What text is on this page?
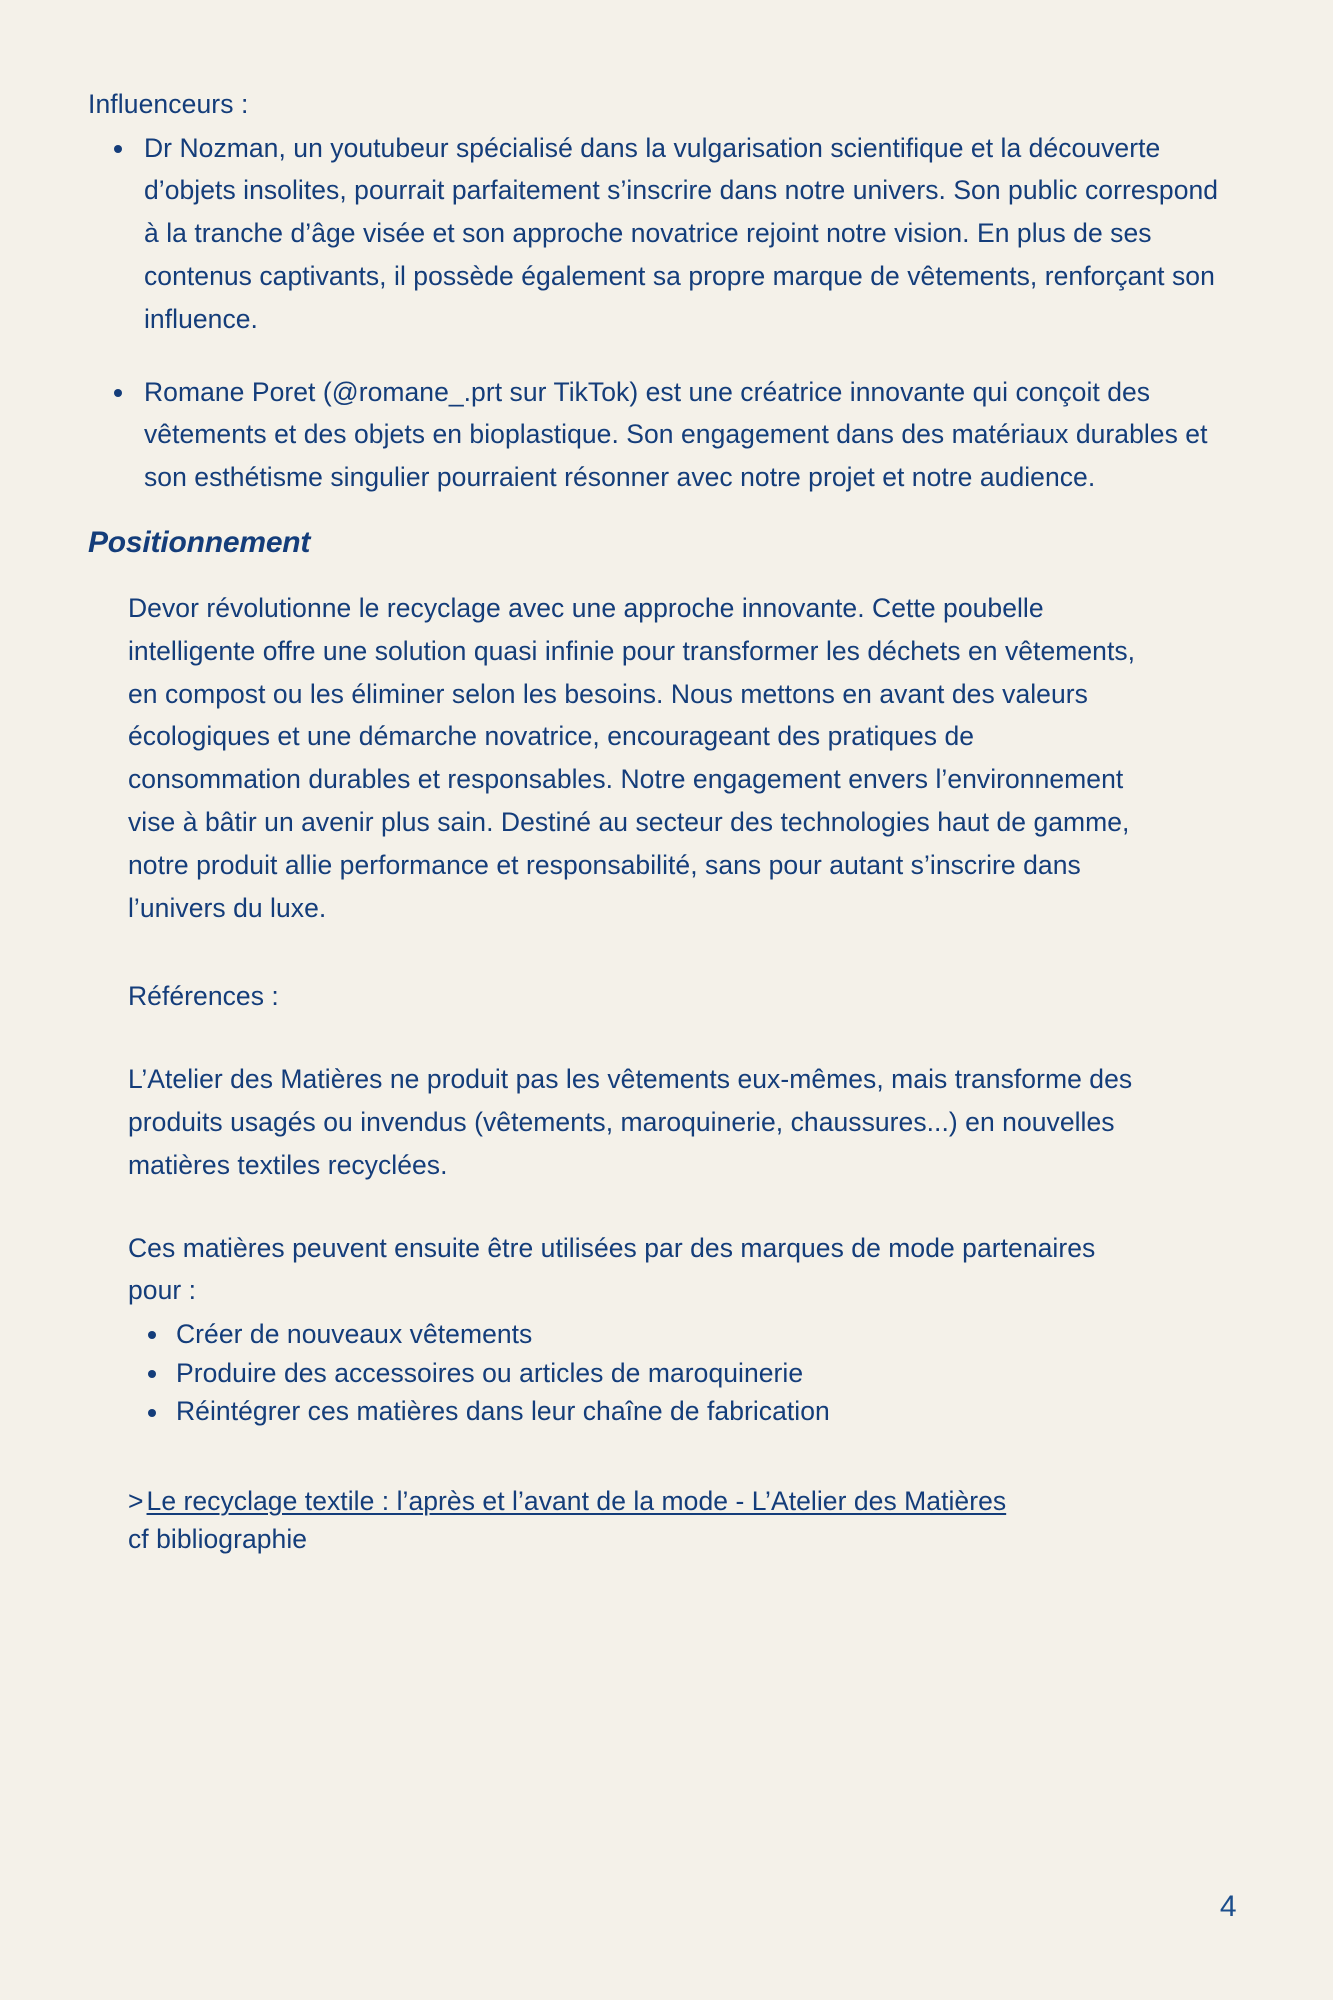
Influenceurs :

Dr Nozman, un youtubeur spécialisé dans la vulgarisation scientifique et la découverte d’objets insolites, pourrait parfaitement s’inscrire dans notre univers. Son public correspond à la tranche d’âge visée et son approche novatrice rejoint notre vision. En plus de ses contenus captivants, il possède également sa propre marque de vêtements, renforçant son influence.
Romane Poret (@romane_.prt sur TikTok) est une créatrice innovante qui conçoit des vêtements et des objets en bioplastique. Son engagement dans des matériaux durables et son esthétisme singulier pourraient résonner avec notre projet et notre audience.
Positionnement

Devor révolutionne le recyclage avec une approche innovante. Cette poubelle intelligente offre une solution quasi infinie pour transformer les déchets en vêtements, en compost ou les éliminer selon les besoins. Nous mettons en avant des valeurs écologiques et une démarche novatrice, encourageant des pratiques de consommation durables et responsables. Notre engagement envers l’environnement vise à bâtir un avenir plus sain. Destiné au secteur des technologies haut de gamme, notre produit allie performance et responsabilité, sans pour autant s’inscrire dans l’univers du luxe.

Références :

L’Atelier des Matières ne produit pas les vêtements eux-mêmes, mais transforme des produits usagés ou invendus (vêtements, maroquinerie, chaussures...) en nouvelles matières textiles recyclées.

Ces matières peuvent ensuite être utilisées par des marques de mode partenaires pour :

Créer de nouveaux vêtements
Produire des accessoires ou articles de maroquinerie
Réintégrer ces matières dans leur chaîne de fabrication

> Le recyclage textile : l’après et l’avant de la mode - L’Atelier des Matières

cf bibliographie

4
